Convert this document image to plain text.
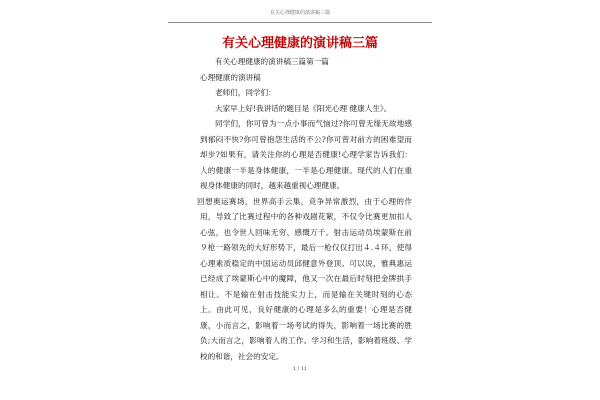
有关心理健康的演讲稿三篇
有关心理健康的演讲稿三篇

有关心理健康的演讲稿三篇第一篇

心理健康的演讲稿

老师们，同学们：

大家早上好!我讲话的题目是《阳光心理 健康人生》。

同学们，你可曾为一点小事而气恼过?你可曾无缘无故地感到郁闷不快?你可曾抱怨生活的不公?你可曾对前方的困难望而却步?如果有，请关注你的心理是否健康!心理学家告诉我们：人的健康一半是身体健康，一半是心理健康。现代的人们在重视身体健康的同时，越来越重视心理健康。

回想奥运赛场，世界高手云集，竞争异常激烈，由于心理的作用，导致了比赛过程中的各种戏剧花絮，不仅令比赛更加扣人心弦，也令世人回味无穷、感慨万千。射击运动员埃蒙斯在前９枪一路领先的大好形势下，最后一枪仅仅打出４.４环，使得心理素质稳定的中国运动员邱健意外登顶。可以说，雅典惠运已经成了埃蒙斯心中的魔障，他又一次在最后时刻把金牌拱手相让。不是输在射击技能实力上，而是输在关键时刻的心态上。由此可见，良好健康的心理是多么的重要！心理是否健康，小而言之，影响着一场考试的得失，影响着一场比赛的胜负;大而言之，影响着人的工作、学习和生活，影响着班级、学校的和谐，社会的安定。

1 / 11
